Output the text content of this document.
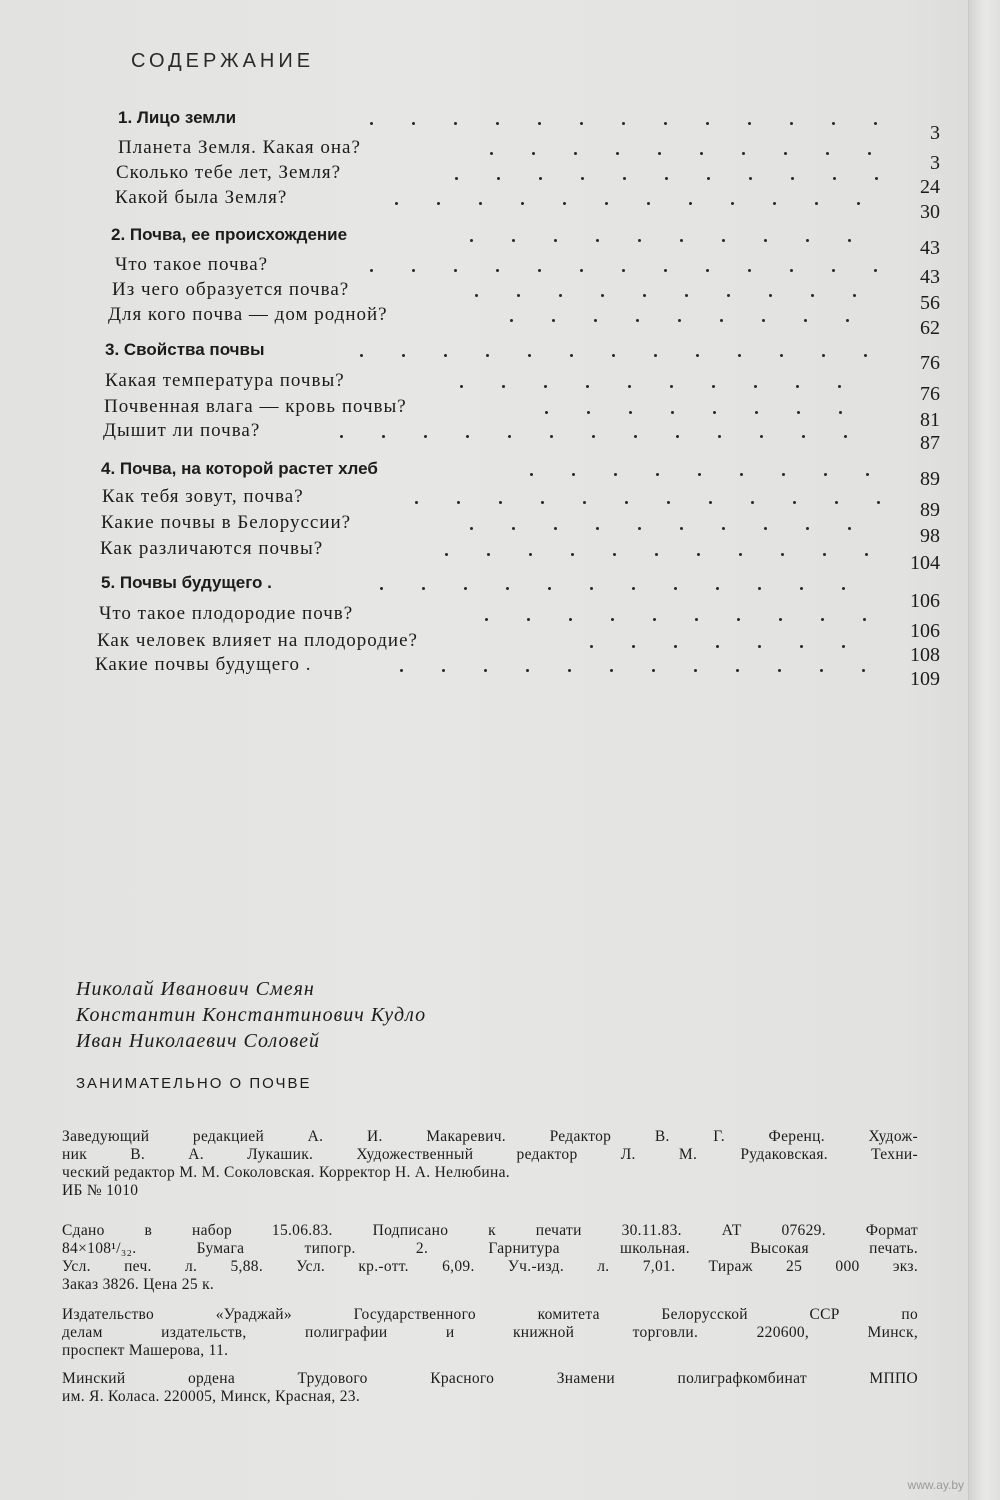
СОДЕРЖАНИЕ
1. Лицо земли
3
Планета Земля. Какая она?
3
Сколько тебе лет, Земля?
24
Какой была Земля?
30
2. Почва, ее происхождение
43
Что такое почва?
43
Из чего образуется почва?
56
Для кого почва — дом родной?
62
3. Свойства почвы
76
Какая температура почвы?
76
Почвенная влага — кровь почвы?
81
Дышит ли почва?
87
4. Почва, на которой растет хлеб	89
Как тебя зовут, почва?
89
Какие почвы в Белоруссии?
98
Как различаются почвы?
104
5. Почвы будущего .
106
Что такое плодородие почв?
106
Как человек влияет на плодородие?
108
Какие почвы будущего .
109
Николай Иванович Смеян
Константин Константинович Кудло
Иван Николаевич Соловей
ЗАНИМАТЕЛЬНО О ПОЧВЕ
Заведующий редакцией А. И. Макаревич. Редактор В. Г. Ференц. Худож-
ник В. А. Лукашик. Художественный редактор Л. М. Рудаковская. Техни-
ческий редактор М. М. Соколовская. Корректор Н. А. Нелюбина.
ИБ № 1010
Сдано в набор 15.06.83. Подписано к печати 30.11.83. АТ 07629. Формат
84×108¹/₃₂. Бумага типогр. 2. Гарнитура школьная. Высокая печать.
Усл. печ. л. 5,88. Усл. кр.-отт. 6,09. Уч.-изд. л. 7,01. Тираж 25 000 экз.
Заказ 3826. Цена 25 к.
Издательство «Ураджай» Государственного комитета Белорусской ССР по
делам издательств, полиграфии и книжной торговли. 220600, Минск,
проспект Машерова, 11.
Минский ордена Трудового Красного Знамени полиграфкомбинат МППО
им. Я. Коласа. 220005, Минск, Красная, 23.
www.ay.by
